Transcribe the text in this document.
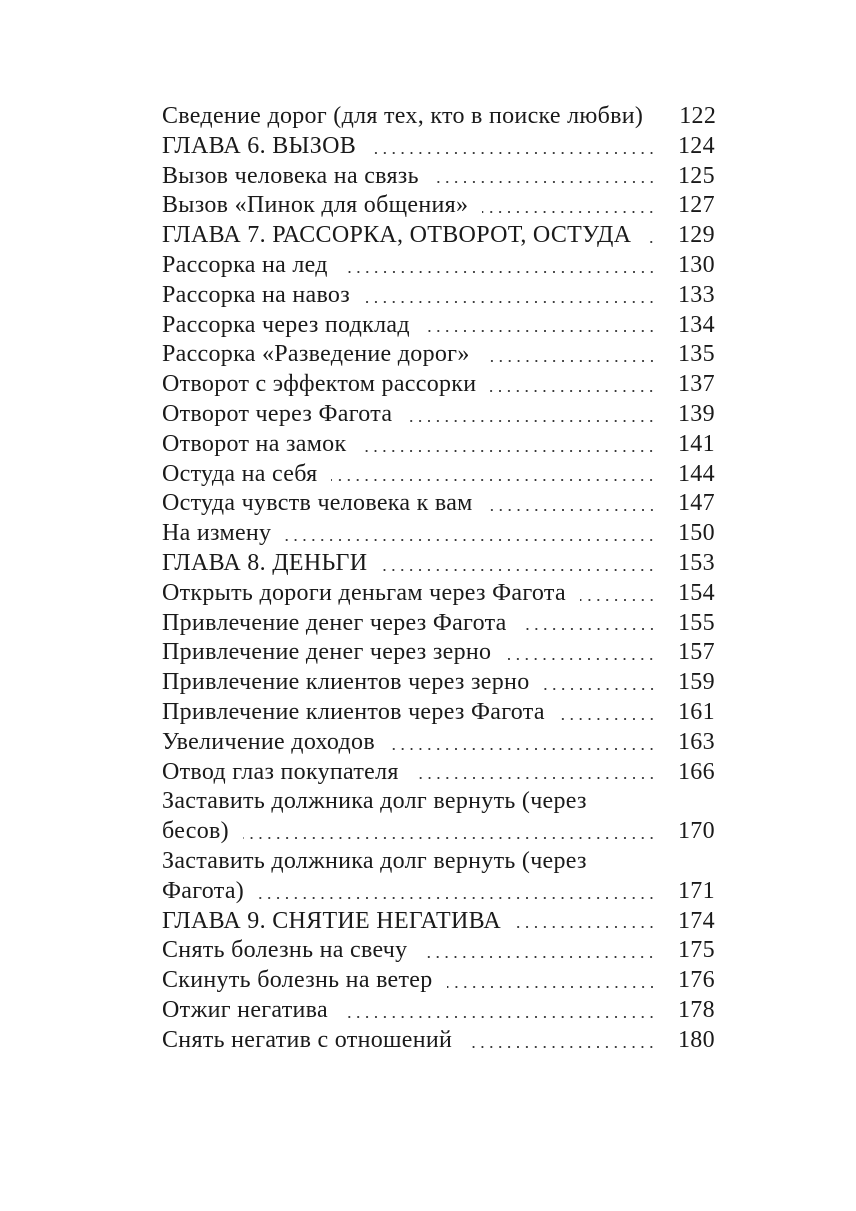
Сведение дорог (для тех, кто в поиске любви) 122
ГЛАВА 6. ВЫЗОВ	124
Вызов человека на связь	125
Вызов «Пинок для общения»	127
ГЛАВА 7. РАССОРКА, ОТВОРОТ, ОСТУДА 129
Рассорка на лед	130
Рассорка на навоз	133
Рассорка через подклад	134
Рассорка «Разведение дорог»	135
Отворот с эффектом рассорки	137
Отворот через Фагота	139
Отворот на замок	141
Остуда на себя	144
Остуда чувств человека к вам	147
На измену	150
ГЛАВА 8. ДЕНЬГИ	153
Открыть дороги деньгам через Фагота	154
Привлечение денег через Фагота	155
Привлечение денег через зерно	157
Привлечение клиентов через зерно	159
Привлечение клиентов через Фагота	161
Увеличение доходов	163
Отвод глаз покупателя	166
Заставить должника долг вернуть (через
бесов)	170
Заставить должника долг вернуть (через
Фагота)	171
ГЛАВА 9. СНЯТИЕ НЕГАТИВА	174
Снять болезнь на свечу	175
Скинуть болезнь на ветер	176
Отжиг негатива	178
Снять негатив с отношений	180
